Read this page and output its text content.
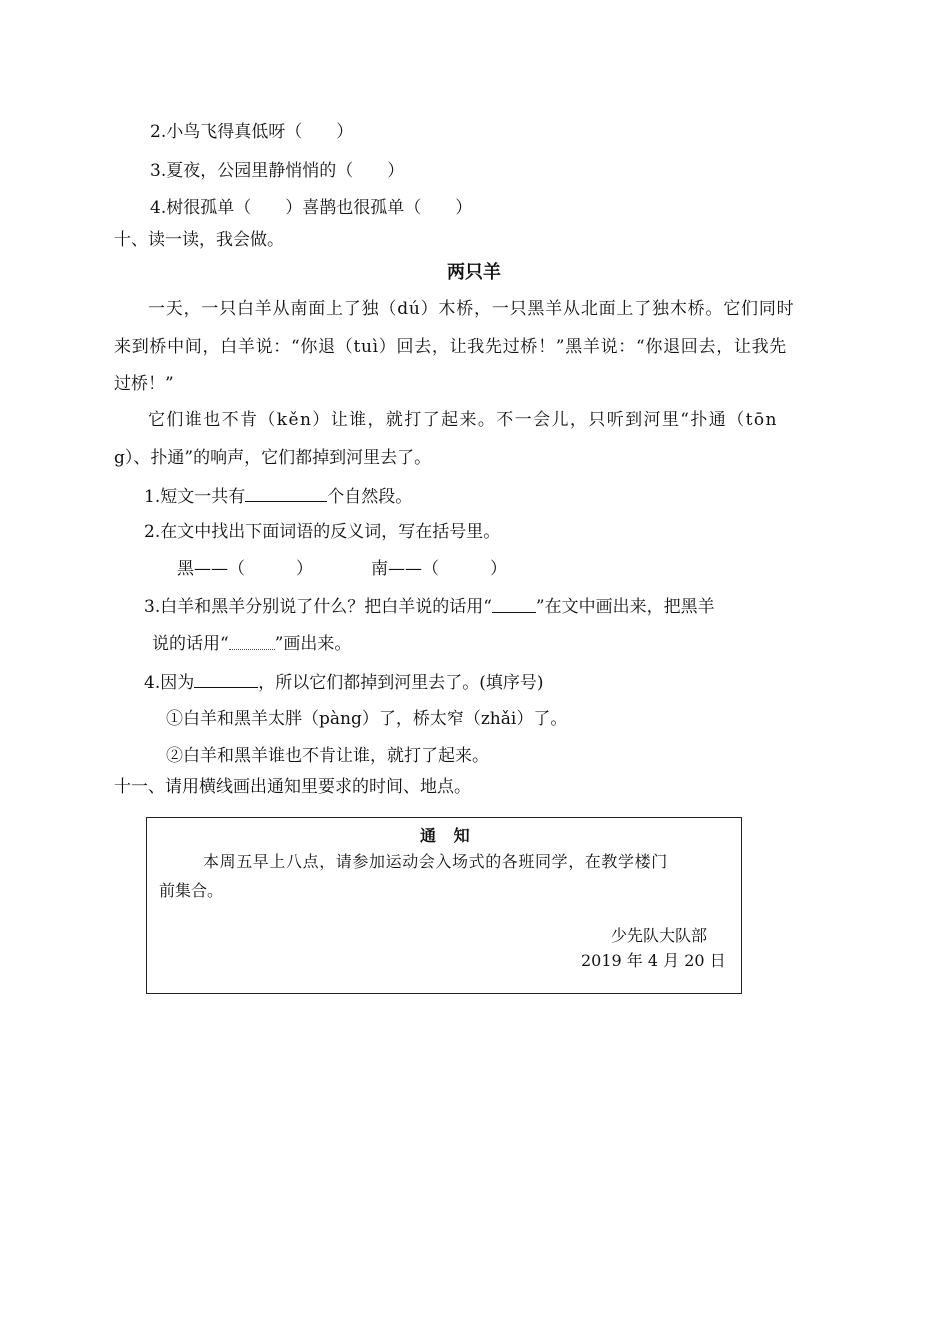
2.小鸟飞得真低呀（　　）
3.夏夜，公园里静悄悄的（　　）
4.树很孤单（　　）喜鹊也很孤单（　　）
十、读一读，我会做。
两只羊
一天，一只白羊从南面上了独（dú）木桥，一只黑羊从北面上了独木桥。它们同时
来到桥中间，白羊说：“你退（tuì）回去，让我先过桥！”黑羊说：“你退回去，让我先
过桥！”
它们谁也不肯（kěn）让谁，就打了起来。不一会儿，只听到河里“扑通（tōn
g）、扑通”的响声，它们都掉到河里去了。
1.短文一共有	个自然段。
2.在文中找出下面词语的反义词，写在括号里。
黑——（　　　）	南——（　　　）
3.白羊和黑羊分别说了什么？把白羊说的话用“	”在文中画出来，把黑羊
说的话用“	”画出来。
4.因为	，所以它们都掉到河里去了。(填序号)
①白羊和黑羊太胖（pàng）了，桥太窄（zhǎi）了。
②白羊和黑羊谁也不肯让谁，就打了起来。
十一、请用横线画出通知里要求的时间、地点。
通 知
本周五早上八点，请参加运动会入场式的各班同学，在教学楼门
前集合。
少先队大队部
2019 年 4 月 20 日
